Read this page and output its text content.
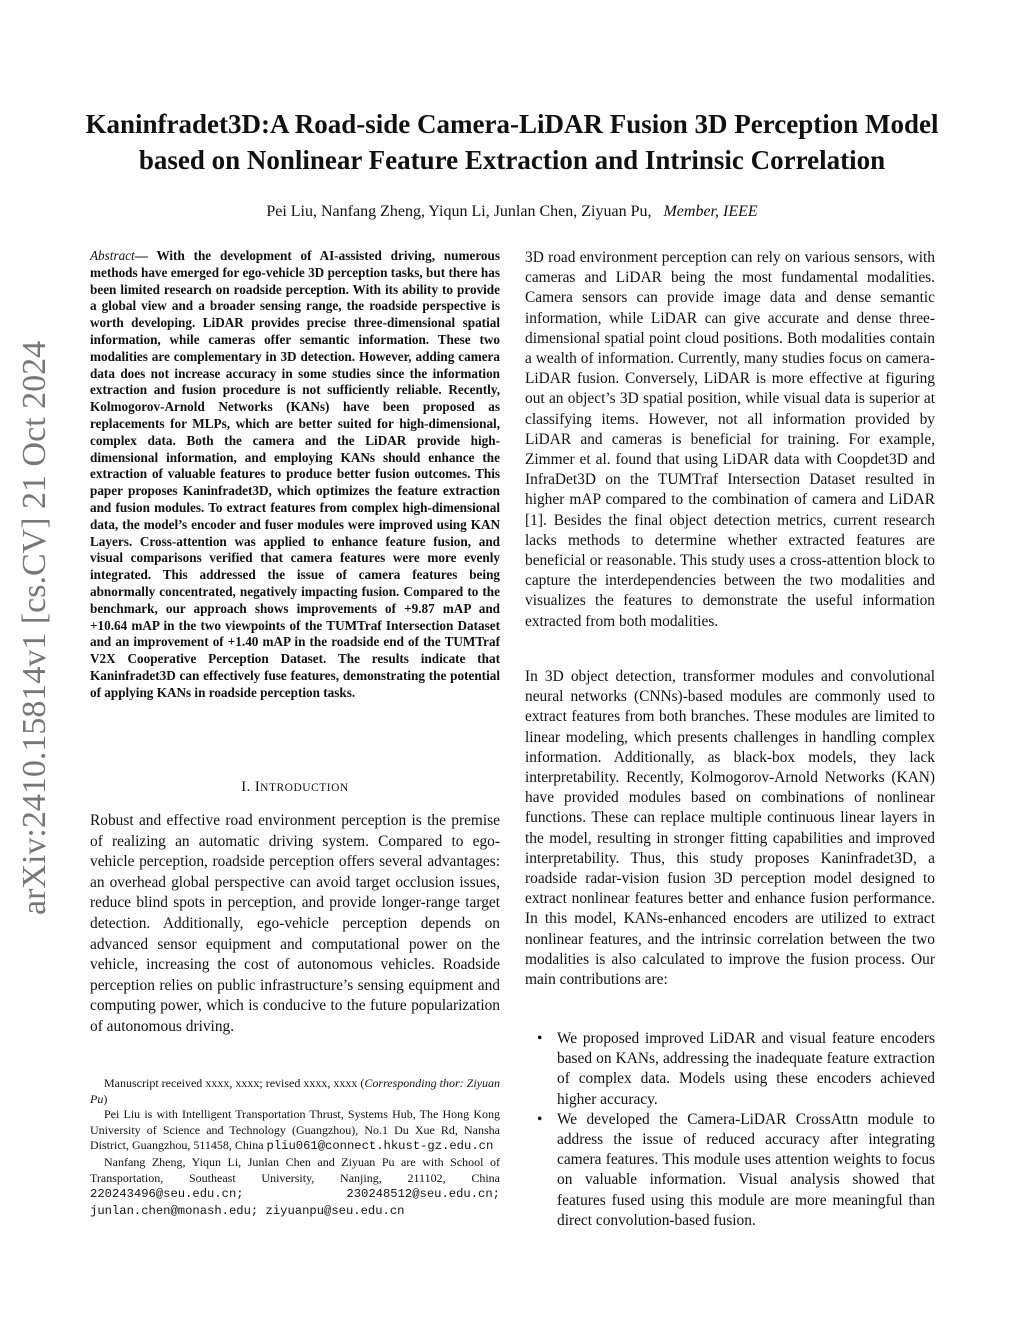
Kaninfradet3D:A Road-side Camera-LiDAR Fusion 3D Perception Model based on Nonlinear Feature Extraction and Intrinsic Correlation
Pei Liu, Nanfang Zheng, Yiqun Li, Junlan Chen, Ziyuan Pu, Member, IEEE
arXiv:2410.15814v1 [cs.CV] 21 Oct 2024
Abstract— With the development of AI-assisted driving, numerous methods have emerged for ego-vehicle 3D perception tasks, but there has been limited research on roadside perception. With its ability to provide a global view and a broader sensing range, the roadside perspective is worth developing. LiDAR provides precise three-dimensional spatial information, while cameras offer semantic information. These two modalities are complementary in 3D detection. However, adding camera data does not increase accuracy in some studies since the information extraction and fusion procedure is not sufficiently reliable. Recently, Kolmogorov-Arnold Networks (KANs) have been proposed as replacements for MLPs, which are better suited for high-dimensional, complex data. Both the camera and the LiDAR provide high-dimensional information, and employing KANs should enhance the extraction of valuable features to produce better fusion outcomes. This paper proposes Kaninfradet3D, which optimizes the feature extraction and fusion modules. To extract features from complex high-dimensional data, the model’s encoder and fuser modules were improved using KAN Layers. Cross-attention was applied to enhance feature fusion, and visual comparisons verified that camera features were more evenly integrated. This addressed the issue of camera features being abnormally concentrated, negatively impacting fusion. Compared to the benchmark, our approach shows improvements of +9.87 mAP and +10.64 mAP in the two viewpoints of the TUMTraf Intersection Dataset and an improvement of +1.40 mAP in the roadside end of the TUMTraf V2X Cooperative Perception Dataset. The results indicate that Kaninfradet3D can effectively fuse features, demonstrating the potential of applying KANs in roadside perception tasks.
I. INTRODUCTION
Robust and effective road environment perception is the premise of realizing an automatic driving system. Compared to ego-vehicle perception, roadside perception offers several advantages: an overhead global perspective can avoid target occlusion issues, reduce blind spots in perception, and provide longer-range target detection. Additionally, ego-vehicle perception depends on advanced sensor equipment and computational power on the vehicle, increasing the cost of autonomous vehicles. Roadside perception relies on public infrastructure’s sensing equipment and computing power, which is conducive to the future popularization of autonomous driving.

Manuscript received xxxx, xxxx; revised xxxx, xxxx (Corresponding thor: Ziyuan Pu)

Pei Liu is with Intelligent Transportation Thrust, Systems Hub, The Hong Kong University of Science and Technology (Guangzhou), No.1 Du Xue Rd, Nansha District, Guangzhou, 511458, China pliu061@connect.hkust-gz.edu.cn

Nanfang Zheng, Yiqun Li, Junlan Chen and Ziyuan Pu are with School of Transportation, Southeast University, Nanjing, 211102, China 220243496@seu.edu.cn; 230248512@seu.edu.cn; junlan.chen@monash.edu; ziyuanpu@seu.edu.cn

3D road environment perception can rely on various sensors, with cameras and LiDAR being the most fundamental modalities. Camera sensors can provide image data and dense semantic information, while LiDAR can give accurate and dense three-dimensional spatial point cloud positions. Both modalities contain a wealth of information. Currently, many studies focus on camera-LiDAR fusion. Conversely, LiDAR is more effective at figuring out an object’s 3D spatial position, while visual data is superior at classifying items. However, not all information provided by LiDAR and cameras is beneficial for training. For example, Zimmer et al. found that using LiDAR data with Coopdet3D and InfraDet3D on the TUMTraf Intersection Dataset resulted in higher mAP compared to the combination of camera and LiDAR [1]. Besides the final object detection metrics, current research lacks methods to determine whether extracted features are beneficial or reasonable. This study uses a cross-attention block to capture the interdependencies between the two modalities and visualizes the features to demonstrate the useful information extracted from both modalities.
In 3D object detection, transformer modules and convolutional neural networks (CNNs)-based modules are commonly used to extract features from both branches. These modules are limited to linear modeling, which presents challenges in handling complex information. Additionally, as black-box models, they lack interpretability. Recently, Kolmogorov-Arnold Networks (KAN) have provided modules based on combinations of nonlinear functions. These can replace multiple continuous linear layers in the model, resulting in stronger fitting capabilities and improved interpretability. Thus, this study proposes Kaninfradet3D, a roadside radar-vision fusion 3D perception model designed to extract nonlinear features better and enhance fusion performance. In this model, KANs-enhanced encoders are utilized to extract nonlinear features, and the intrinsic correlation between the two modalities is also calculated to improve the fusion process. Our main contributions are:
• We proposed improved LiDAR and visual feature encoders based on KANs, addressing the inadequate feature extraction of complex data. Models using these encoders achieved higher accuracy.
• We developed the Camera-LiDAR CrossAttn module to address the issue of reduced accuracy after integrating camera features. This module uses attention weights to focus on valuable information. Visual analysis showed that features fused using this module are more meaningful than direct convolution-based fusion.
